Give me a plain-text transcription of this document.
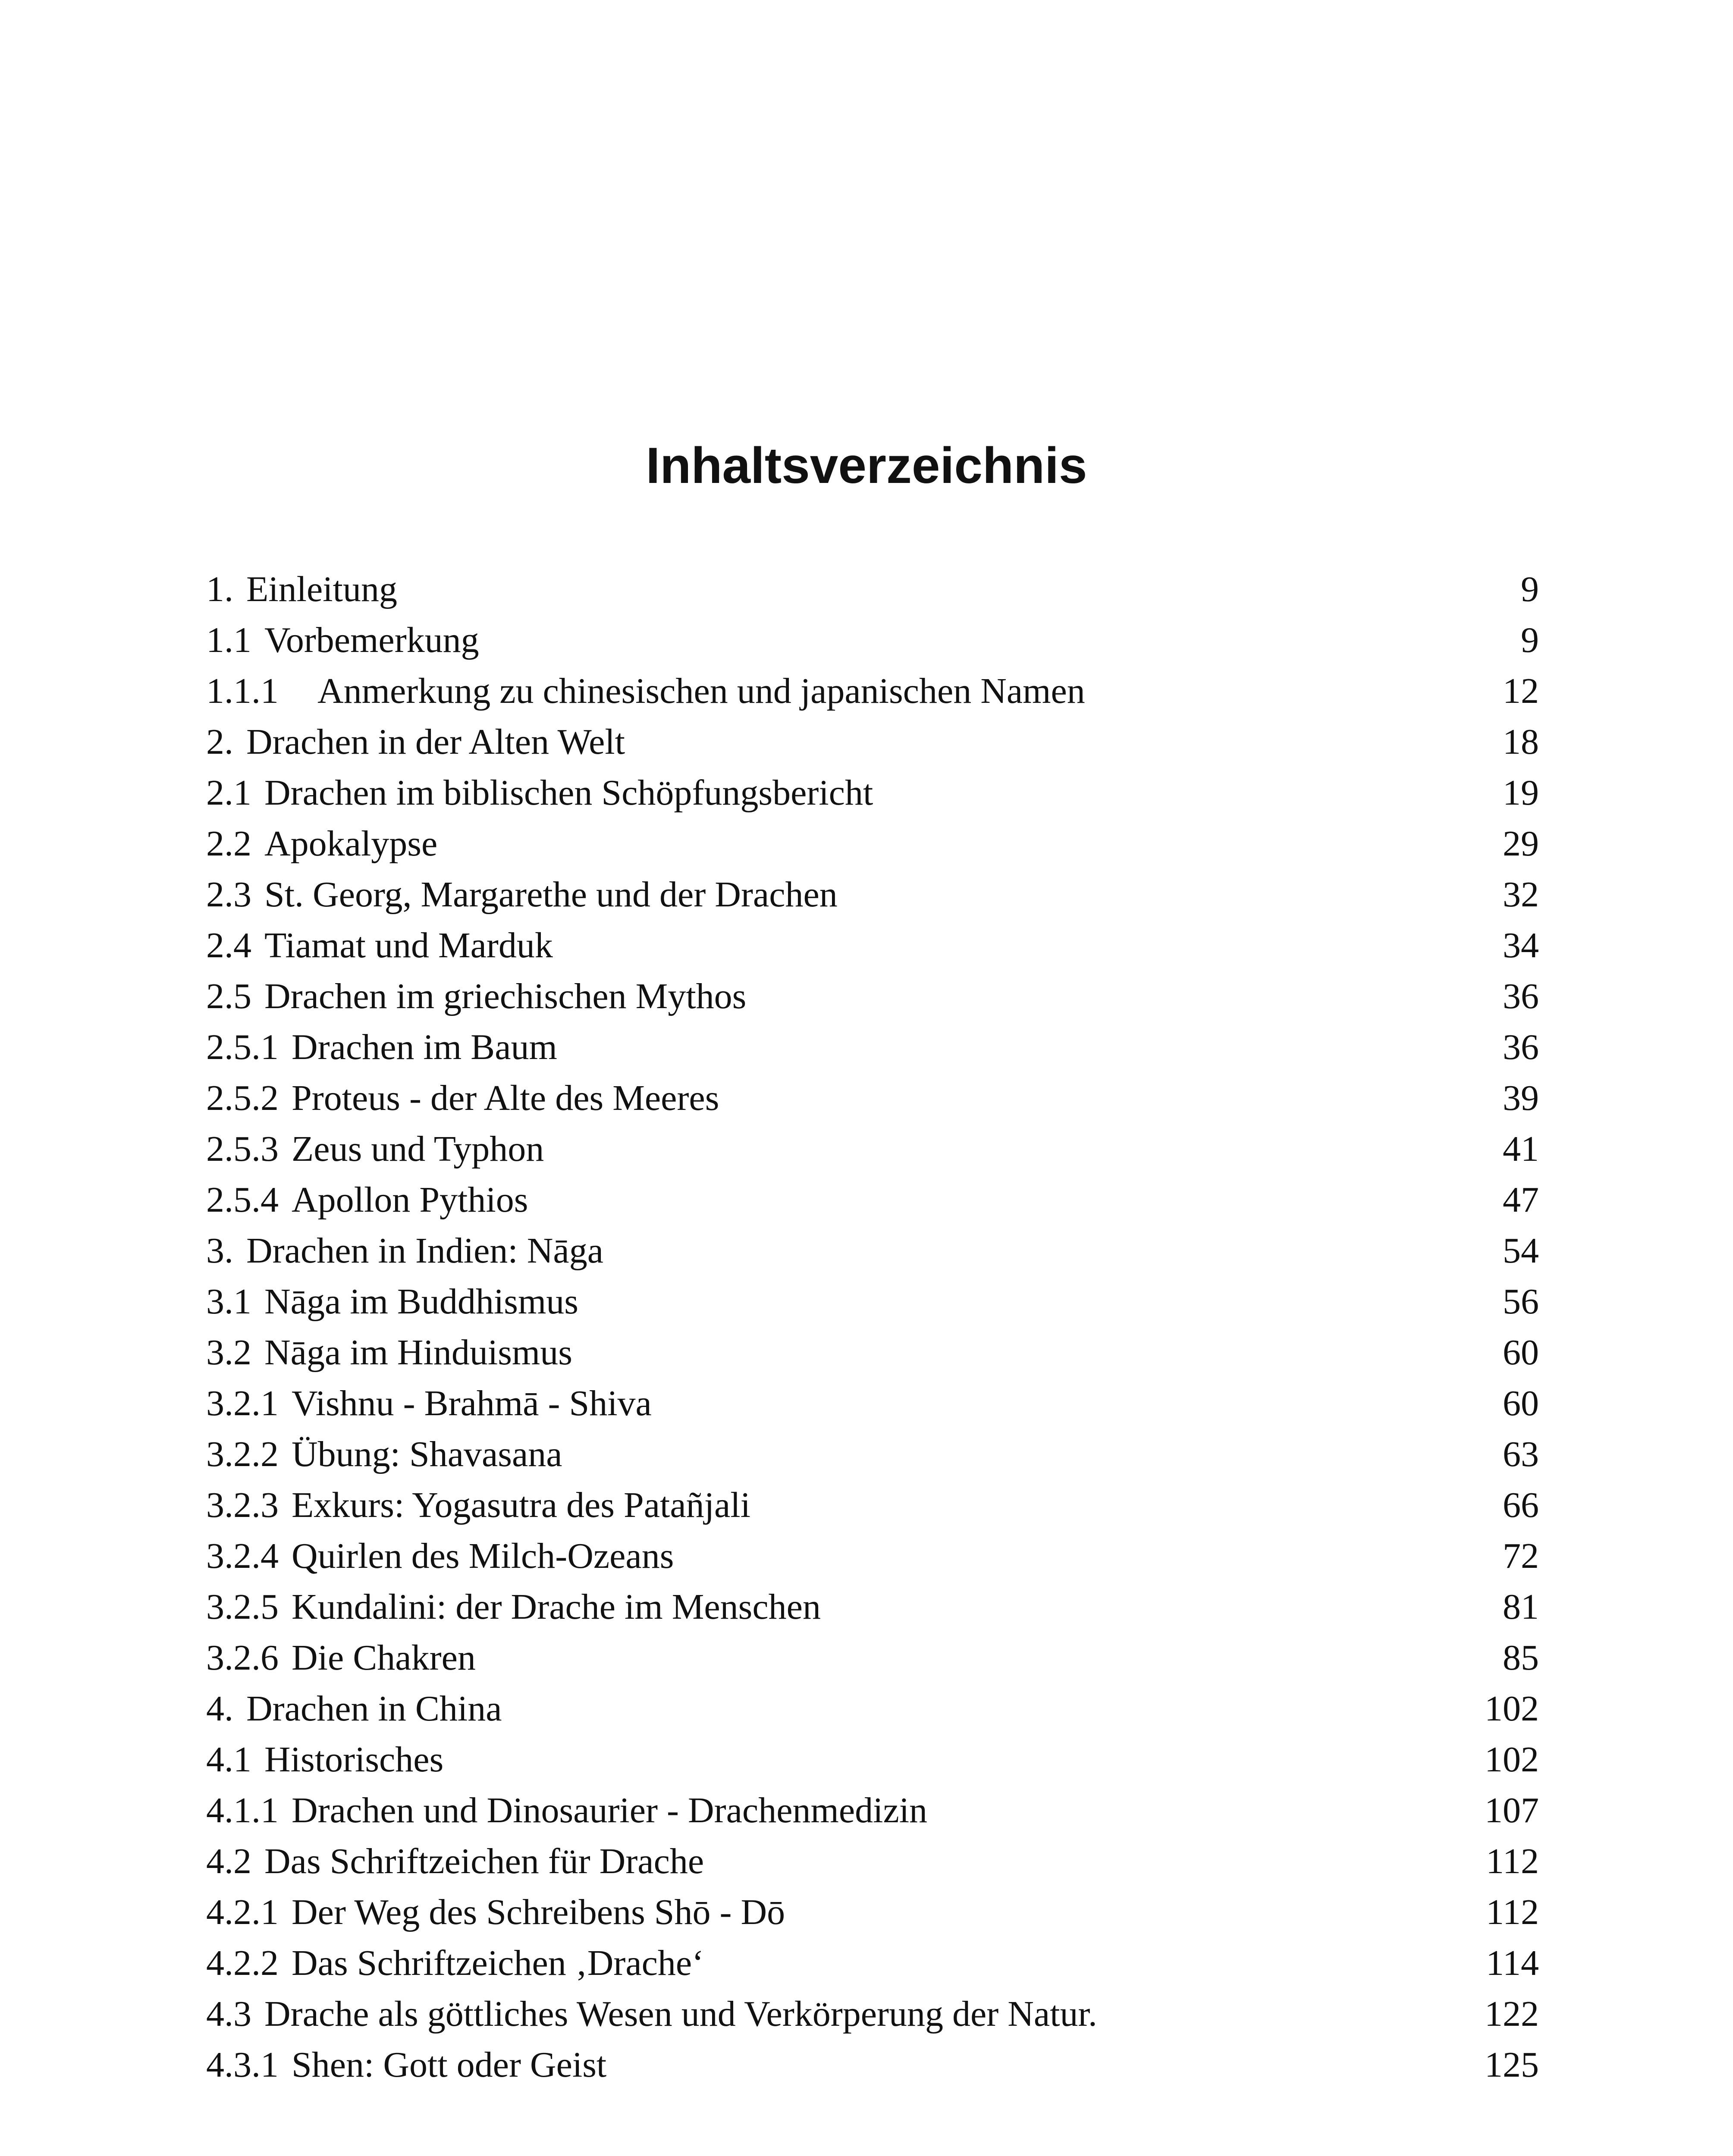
Inhaltsverzeichnis
1. Einleitung	9
1.1 Vorbemerkung	9
1.1.1 Anmerkung zu chinesischen und japanischen Namen	12
2. Drachen in der Alten Welt	18
2.1 Drachen im biblischen Schöpfungsbericht	19
2.2 Apokalypse	29
2.3 St. Georg, Margarethe und der Drachen	32
2.4 Tiamat und Marduk	34
2.5 Drachen im griechischen Mythos	36
2.5.1 Drachen im Baum	36
2.5.2 Proteus - der Alte des Meeres	39
2.5.3 Zeus und Typhon	41
2.5.4 Apollon Pythios	47
3. Drachen in Indien: Nāga	54
3.1 Nāga im Buddhismus	56
3.2 Nāga im Hinduismus	60
3.2.1 Vishnu - Brahmā - Shiva	60
3.2.2 Übung: Shavasana	63
3.2.3 Exkurs: Yogasutra des Patañjali	66
3.2.4 Quirlen des Milch-Ozeans	72
3.2.5 Kundalini: der Drache im Menschen	81
3.2.6 Die Chakren	85
4. Drachen in China	102
4.1 Historisches	102
4.1.1 Drachen und Dinosaurier - Drachenmedizin	107
4.2 Das Schriftzeichen für Drache	112
4.2.1 Der Weg des Schreibens Shō - Dō	112
4.2.2 Das Schriftzeichen ‚Drache‘	114
4.3 Drache als göttliches Wesen und Verkörperung der Natur.	122
4.3.1 Shen: Gott oder Geist	125
